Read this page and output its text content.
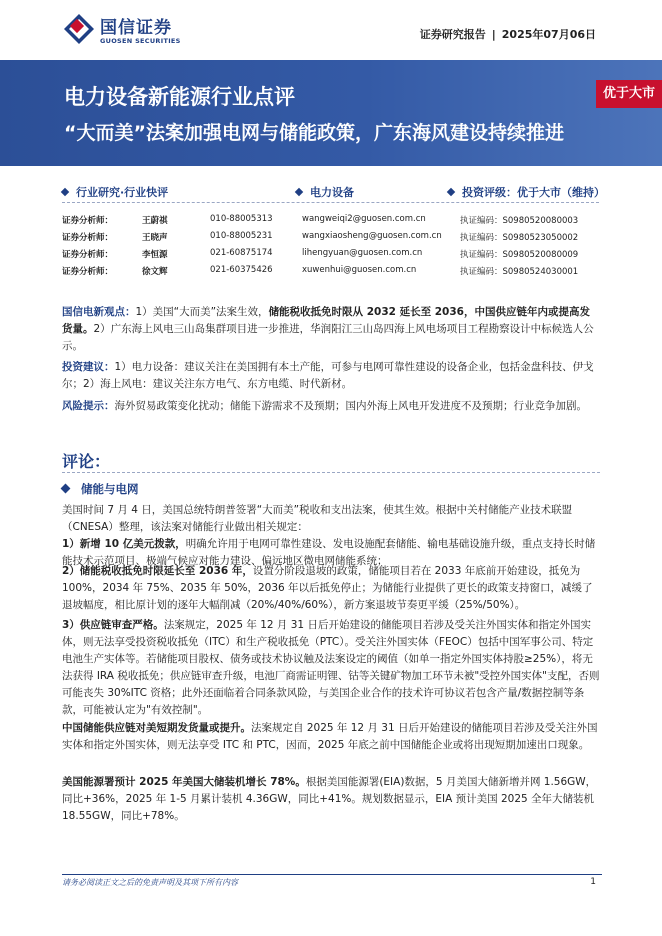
国信证券
GUOSEN SECURITIES	证券研究报告 | 2025年07月06日
电力设备新能源行业点评
“大而美”法案加强电网与储能政策，广东海风建设持续推进
优于大市
行业研究·行业快评	电力设备	投资评级：优于大市（维持）
证券分析师：	王蔚祺	010-88005313	wangweiqi2@guosen.com.cn	执证编码：S0980520080003
证券分析师：	王晓声	010-88005231	wangxiaosheng@guosen.com.cn 执证编码：S0980523050002
证券分析师：	李恒源	021-60875174	lihengyuan@guosen.com.cn	执证编码：S0980520080009
证券分析师：	徐文辉	021-60375426	xuwenhui@guosen.com.cn	执证编码：S0980524030001
国信电新观点：1）美国“大而美”法案生效，储能税收抵免时限从 2032 延长至 2036，中国供应链年内或提高发货量。2）广东海上风电三山岛集群项目进一步推进，华润阳江三山岛四海上风电场项目工程勘察设计中标候选人公示。
投资建议：1）电力设备：建议关注在美国拥有本土产能，可参与电网可靠性建设的设备企业，包括金盘科技、伊戈尔；2）海上风电：建议关注东方电气、东方电缆、时代新材。
风险提示：海外贸易政策变化扰动；储能下游需求不及预期；国内外海上风电开发进度不及预期；行业竞争加剧。
评论：
储能与电网
美国时间 7 月 4 日，美国总统特朗普签署“大而美”税收和支出法案，使其生效。根据中关村储能产业技术联盟（CNESA）整理，该法案对储能行业做出相关规定：
1）新增 10 亿美元拨款，明确允许用于电网可靠性建设、发电设施配套储能、输电基础设施升级，重点支持长时储能技术示范项目、极端气候应对能力建设、偏远地区微电网储能系统；
2）储能税收抵免时限延长至 2036 年，设置分阶段退坡的政策，储能项目若在 2033 年底前开始建设，抵免为 100%，2034 年 75%、2035 年 50%，2036 年以后抵免停止；为储能行业提供了更长的政策支持窗口，减缓了退坡幅度，相比原计划的逐年大幅削减（20%/40%/60%），新方案退坡节奏更平缓（25%/50%）。
3）供应链审查严格。法案规定，2025 年 12 月 31 日后开始建设的储能项目若涉及受关注外国实体和指定外国实体，则无法享受投资税收抵免（ITC）和生产税收抵免（PTC）。受关注外国实体（FEOC）包括中国军事公司、特定电池生产实体等。若储能项目股权、债务或技术协议触及法案设定的阈值（如单一指定外国实体持股≥25%），将无法获得 IRA 税收抵免；供应链审查升级，电池厂商需证明锂、钴等关键矿物加工环节未被"受控外国实体"支配，否则可能丧失 30%ITC 资格；此外还面临着合同条款风险，与美国企业合作的技术许可协议若包含产量/数据控制等条款，可能被认定为"有效控制"。
中国储能供应链对美短期发货量或提升。法案规定自 2025 年 12 月 31 日后开始建设的储能项目若涉及受关注外国实体和指定外国实体，则无法享受 ITC 和 PTC，因而，2025 年底之前中国储能企业或将出现短期加速出口现象。
美国能源署预计 2025 年美国大储装机增长 78%。根据美国能源署(EIA)数据，5 月美国大储新增并网 1.56GW，同比+36%，2025 年 1-5 月累计装机 4.36GW，同比+41%。规划数据显示，EIA 预计美国 2025 全年大储装机 18.55GW，同比+78%。
请务必阅读正文之后的免责声明及其项下所有内容	1
